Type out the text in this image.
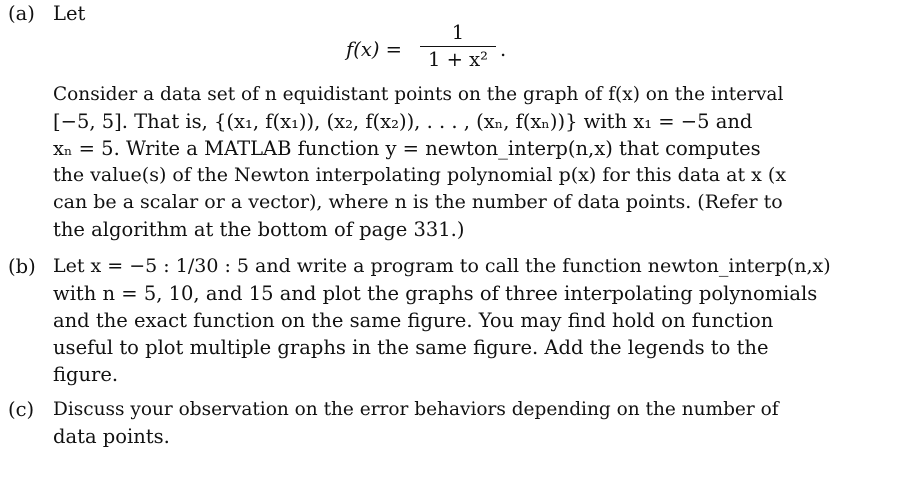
(a) Let
f(x) =
1
1 + x² .
Consider a data set of n equidistant points on the graph of f(x) on the interval
[−5, 5]. That is, {(x₁, f(x₁)), (x₂, f(x₂)), . . . , (xₙ, f(xₙ))} with x₁ = −5 and
xₙ = 5. Write a MATLAB function y = newton_interp(n,x) that computes
the value(s) of the Newton interpolating polynomial p(x) for this data at x (x
can be a scalar or a vector), where n is the number of data points. (Refer to
the algorithm at the bottom of page 331.)
(b) Let x = −5 : 1/30 : 5 and write a program to call the function newton_interp(n,x)
with n = 5, 10, and 15 and plot the graphs of three interpolating polynomials
and the exact function on the same figure. You may find hold on function
useful to plot multiple graphs in the same figure. Add the legends to the
figure.
(c) Discuss your observation on the error behaviors depending on the number of
data points.
